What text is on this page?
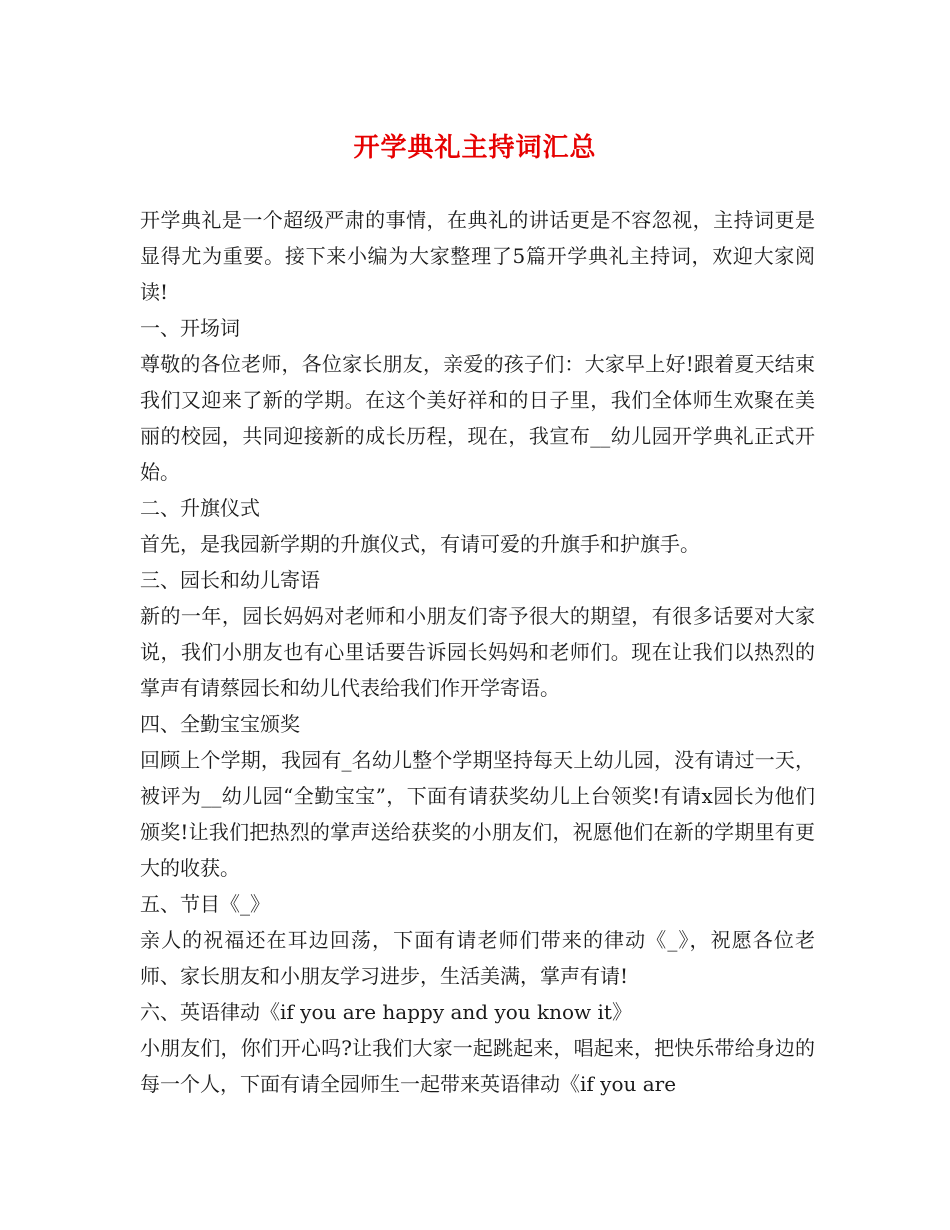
开学典礼主持词汇总

开学典礼是一个超级严肃的事情，在典礼的讲话更是不容忽视，主持词更是显得尤为重要。接下来小编为大家整理了5篇开学典礼主持词，欢迎大家阅读!

一、开场词

尊敬的各位老师，各位家长朋友，亲爱的孩子们：大家早上好!跟着夏天结束我们又迎来了新的学期。在这个美好祥和的日子里，我们全体师生欢聚在美丽的校园，共同迎接新的成长历程，现在，我宣布__幼儿园开学典礼正式开始。

二、升旗仪式

首先，是我园新学期的升旗仪式，有请可爱的升旗手和护旗手。

三、园长和幼儿寄语

新的一年，园长妈妈对老师和小朋友们寄予很大的期望，有很多话要对大家说，我们小朋友也有心里话要告诉园长妈妈和老师们。现在让我们以热烈的掌声有请蔡园长和幼儿代表给我们作开学寄语。

四、全勤宝宝颁奖

回顾上个学期，我园有_名幼儿整个学期坚持每天上幼儿园，没有请过一天，被评为__幼儿园“全勤宝宝”，下面有请获奖幼儿上台领奖!有请x园长为他们颁奖!让我们把热烈的掌声送给获奖的小朋友们，祝愿他们在新的学期里有更大的收获。

五、节目《_》

亲人的祝福还在耳边回荡，下面有请老师们带来的律动《_》，祝愿各位老师、家长朋友和小朋友学习进步，生活美满，掌声有请!

六、英语律动《if you are happy and you know it》

小朋友们，你们开心吗?让我们大家一起跳起来，唱起来，把快乐带给身边的每一个人，下面有请全园师生一起带来英语律动《if you are
